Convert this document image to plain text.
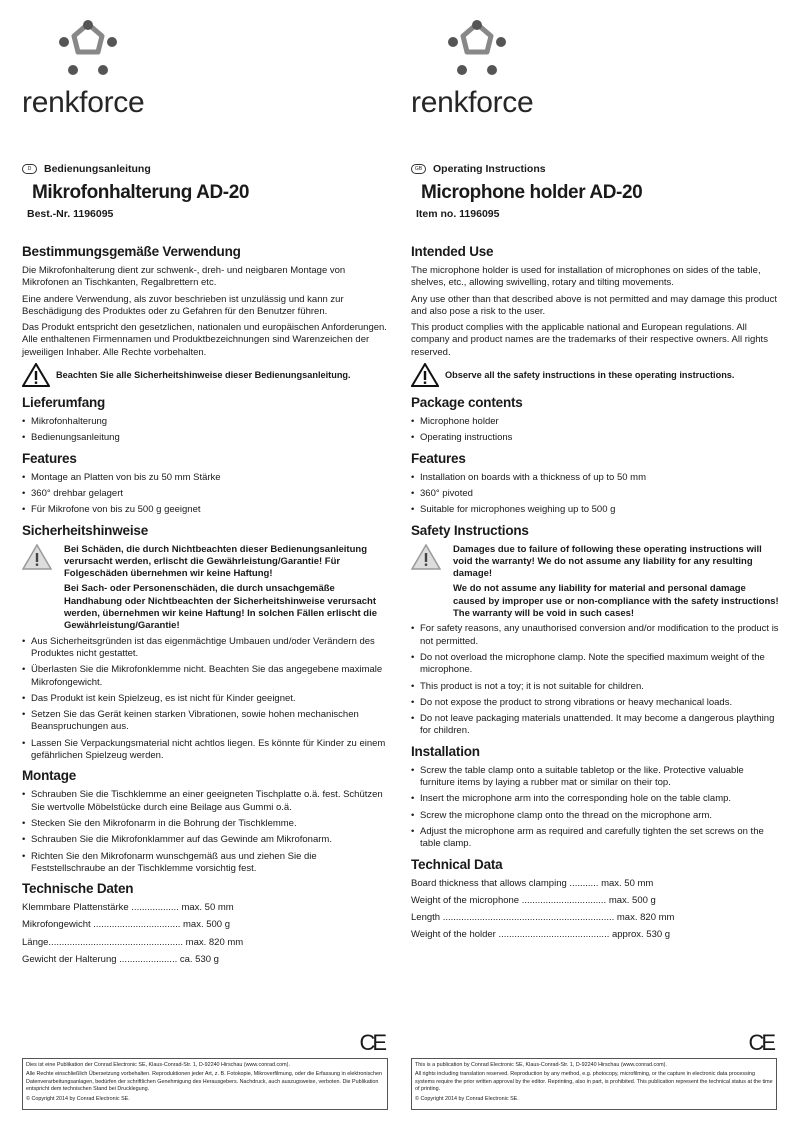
renkforce
D	Bedienungsanleitung
Mikrofonhalterung AD-20
Best.-Nr. 1196095
Bestimmungsgemäße Verwendung

Die Mikrofonhalterung dient zur schwenk-, dreh- und neigbaren Montage von Mikrofonen an Tischkanten, Regalbrettern etc.

Eine andere Verwendung, als zuvor beschrieben ist unzulässig und kann zur Beschädigung des Produktes oder zu Gefahren für den Benutzer führen.

Das Produkt entspricht den gesetzlichen, nationalen und europäischen Anforderungen. Alle enthaltenen Firmennamen und Produktbezeichnungen sind Warenzeichen der jeweiligen Inhaber. Alle Rechte vorbehalten.

Beachten Sie alle Sicherheitshinweise dieser Bedienungsanleitung.
Lieferumfang
• Mikrofonhalterung
• Bedienungsanleitung
Features
• Montage an Platten von bis zu 50 mm Stärke
• 360° drehbar gelagert
• Für Mikrofone von bis zu 500 g geeignet
Sicherheitshinweise

Bei Schäden, die durch Nichtbeachten dieser Bedienungsanleitung verursacht werden, erlischt die Gewährleistung/Garantie! Für Folgeschäden übernehmen wir keine Haftung!

Bei Sach- oder Personenschäden, die durch unsachgemäße Handhabung oder Nichtbeachten der Sicherheitshinweise verursacht werden, übernehmen wir keine Haftung! In solchen Fällen erlischt die Gewährleistung/Garantie!

• Aus Sicherheitsgründen ist das eigenmächtige Umbauen und/oder Verändern des Produktes nicht gestattet.
• Überlasten Sie die Mikrofonklemme nicht. Beachten Sie das angegebene maximale Mikrofongewicht.
• Das Produkt ist kein Spielzeug, es ist nicht für Kinder geeignet.
• Setzen Sie das Gerät keinen starken Vibrationen, sowie hohen mechanischen Beanspruchungen aus.
• Lassen Sie Verpackungsmaterial nicht achtlos liegen. Es könnte für Kinder zu einem gefährlichen Spielzeug werden.
Montage
• Schrauben Sie die Tischklemme an einer geeigneten Tischplatte o.ä. fest. Schützen Sie wertvolle Möbelstücke durch eine Beilage aus Gummi o.ä.
• Stecken Sie den Mikrofonarm in die Bohrung der Tischklemme.
• Schrauben Sie die Mikrofonklammer auf das Gewinde am Mikrofonarm.
• Richten Sie den Mikrofonarm wunschgemäß aus und ziehen Sie die Feststellschraube an der Tischklemme vorsichtig fest.
Technische Daten
Klemmbare Plattenstärke .................. max. 50 mm
Mikrofongewicht ................................. max. 500 g
Länge................................................... max. 820 mm
Gewicht der Halterung ...................... ca. 530 g
CE

Dies ist eine Publikation der Conrad Electronic SE, Klaus-Conrad-Str. 1, D-92240 Hirschau (www.conrad.com).

Alle Rechte einschließlich Übersetzung vorbehalten. Reproduktionen jeder Art, z. B. Fotokopie, Mikroverfilmung, oder die Erfassung in elektronischen Datenverarbeitungsanlagen, bedürfen der schriftlichen Genehmigung des Herausgebers. Nachdruck, auch auszugsweise, verboten. Die Publikation entspricht dem technischen Stand bei Drucklegung.

© Copyright 2014 by Conrad Electronic SE.

renkforce
GB	Operating Instructions
Microphone holder AD-20
Item no. 1196095
Intended Use

The microphone holder is used for installation of microphones on sides of the table, shelves, etc., allowing swivelling, rotary and tilting movements.

Any use other than that described above is not permitted and may damage this product and also pose a risk to the user.

This product complies with the applicable national and European regulations. All company and product names are the trademarks of their respective owners. All rights reserved.

Observe all the safety instructions in these operating instructions.
Package contents
• Microphone holder
• Operating instructions
Features
• Installation on boards with a thickness of up to 50 mm
• 360° pivoted
• Suitable for microphones weighing up to 500 g
Safety Instructions

Damages due to failure of following these operating instructions will void the warranty! We do not assume any liability for any resulting damage!

We do not assume any liability for material and personal damage caused by improper use or non-compliance with the safety instructions! The warranty will be void in such cases!

• For safety reasons, any unauthorised conversion and/or modification to the product is not permitted.
• Do not overload the microphone clamp. Note the specified maximum weight of the microphone.
• This product is not a toy; it is not suitable for children.
• Do not expose the product to strong vibrations or heavy mechanical loads.
• Do not leave packaging materials unattended. It may become a dangerous plaything for children.
Installation
• Screw the table clamp onto a suitable tabletop or the like. Protective valuable furniture items by laying a rubber mat or similar on their top.
• Insert the microphone arm into the corresponding hole on the table clamp.
• Screw the microphone clamp onto the thread on the microphone arm.
• Adjust the microphone arm as required and carefully tighten the set screws on the table clamp.
Technical Data
Board thickness that allows clamping ........... max. 50 mm
Weight of the microphone ................................ max. 500 g
Length ................................................................. max. 820 mm
Weight of the holder .......................................... approx. 530 g
CE

This is a publication by Conrad Electronic SE, Klaus-Conrad-Str. 1, D-92240 Hirschau (www.conrad.com).

All rights including translation reserved. Reproduction by any method, e.g. photocopy, microfilming, or the capture in electronic data processing systems require the prior written approval by the editor. Reprinting, also in part, is prohibited. This publication represent the technical status at the time of printing.

© Copyright 2014 by Conrad Electronic SE.
